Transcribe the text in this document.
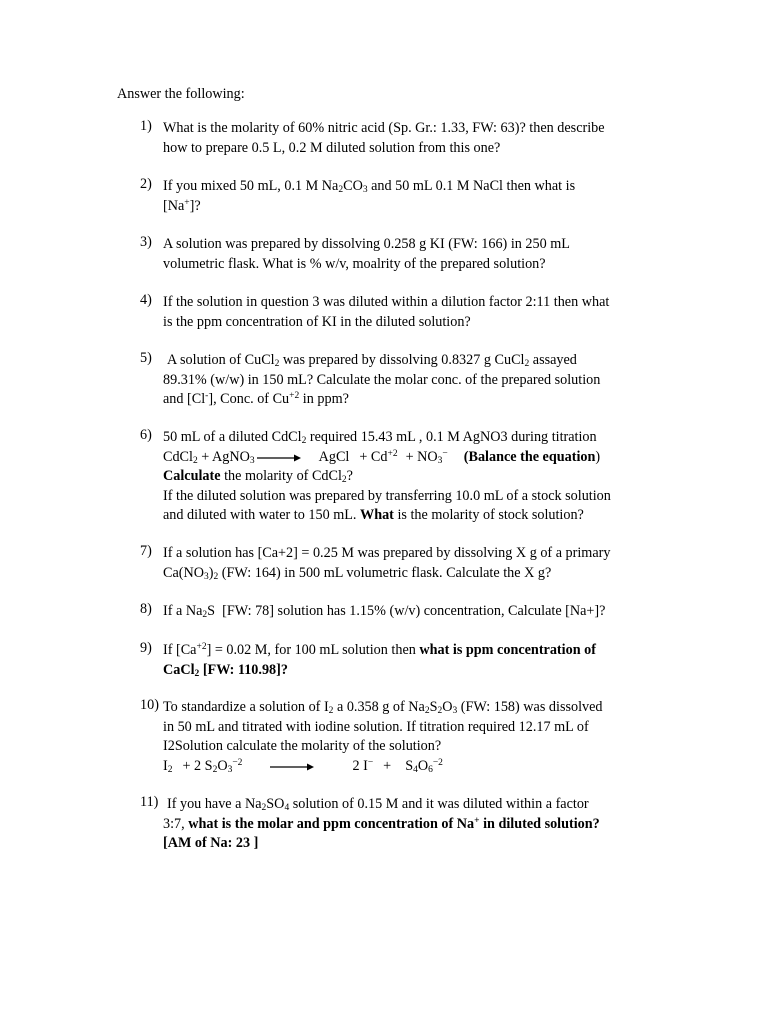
Answer the following:
1) What is the molarity of 60% nitric acid (Sp. Gr.: 1.33, FW: 63)? then describe
how to prepare 0.5 L, 0.2 M diluted solution from this one?
2) If you mixed 50 mL, 0.1 M $Na_2CO_3$ and 50 mL 0.1 M NaCl then what is
[Na+]?
3) A solution was prepared by dissolving 0.258 g KI (FW: 166) in 250 mL
volumetric flask. What is % w/v, moalrity of the prepared solution?
4) If the solution in question 3 was diluted within a dilution factor 2:11 then what
is the ppm concentration of KI in the diluted solution?
5) A solution of CuCl$_2$ was prepared by dissolving 0.8327 g CuCl$_2$ assayed
89.31% (w/w) in 150 mL? Calculate the molar conc. of the prepared solution
and [Cl-], Conc. of $Cu^{+2}$ in ppm?
6) 50 mL of a diluted CdCl$_2$ required 15.43 mL , 0.1 M AgNO3 during titration
CdCl$_2$ + AgNO$_3$ → AgCl + $Cd^{+2} + NO_3^-$ (Balance the equation)
Calculate the molarity of CdCl$_2$?
If the diluted solution was prepared by transferring 10.0 mL of a stock solution
and diluted with water to 150 mL. What is the molarity of stock solution?
7) If a solution has [Ca+2] = 0.25 M was prepared by dissolving X g of a primary
$Ca(NO_3)_2$ (FW: 164) in 500 mL volumetric flask. Calculate the X g?
8) If a $Na_2S$  [FW: 78] solution has 1.15% (w/v) concentration, Calculate [Na+]?
9) If $[Ca^{+2}] = 0.02$ M, for 100 mL solution then what is ppm concentration of
CaCl$_2$ [FW: 110.98]?
10) To standardize a solution of $I_2$ a 0.358 g of $Na_2S_2O_3$ (FW: 158) was dissolved
in 50 mL and titrated with iodine solution. If titration required 12.17 mL of
I2Solution calculate the molarity of the solution?
$I_2 + 2$ $S_2O_3^{-2}$	2 $I^- + S_4O_6^{-2}$
11) If you have a $Na_2SO_4$ solution of 0.15 M and it was diluted within a factor
3:7, what is the molar and ppm concentration of Na+ in diluted solution?
[AM of Na: 23 ]
